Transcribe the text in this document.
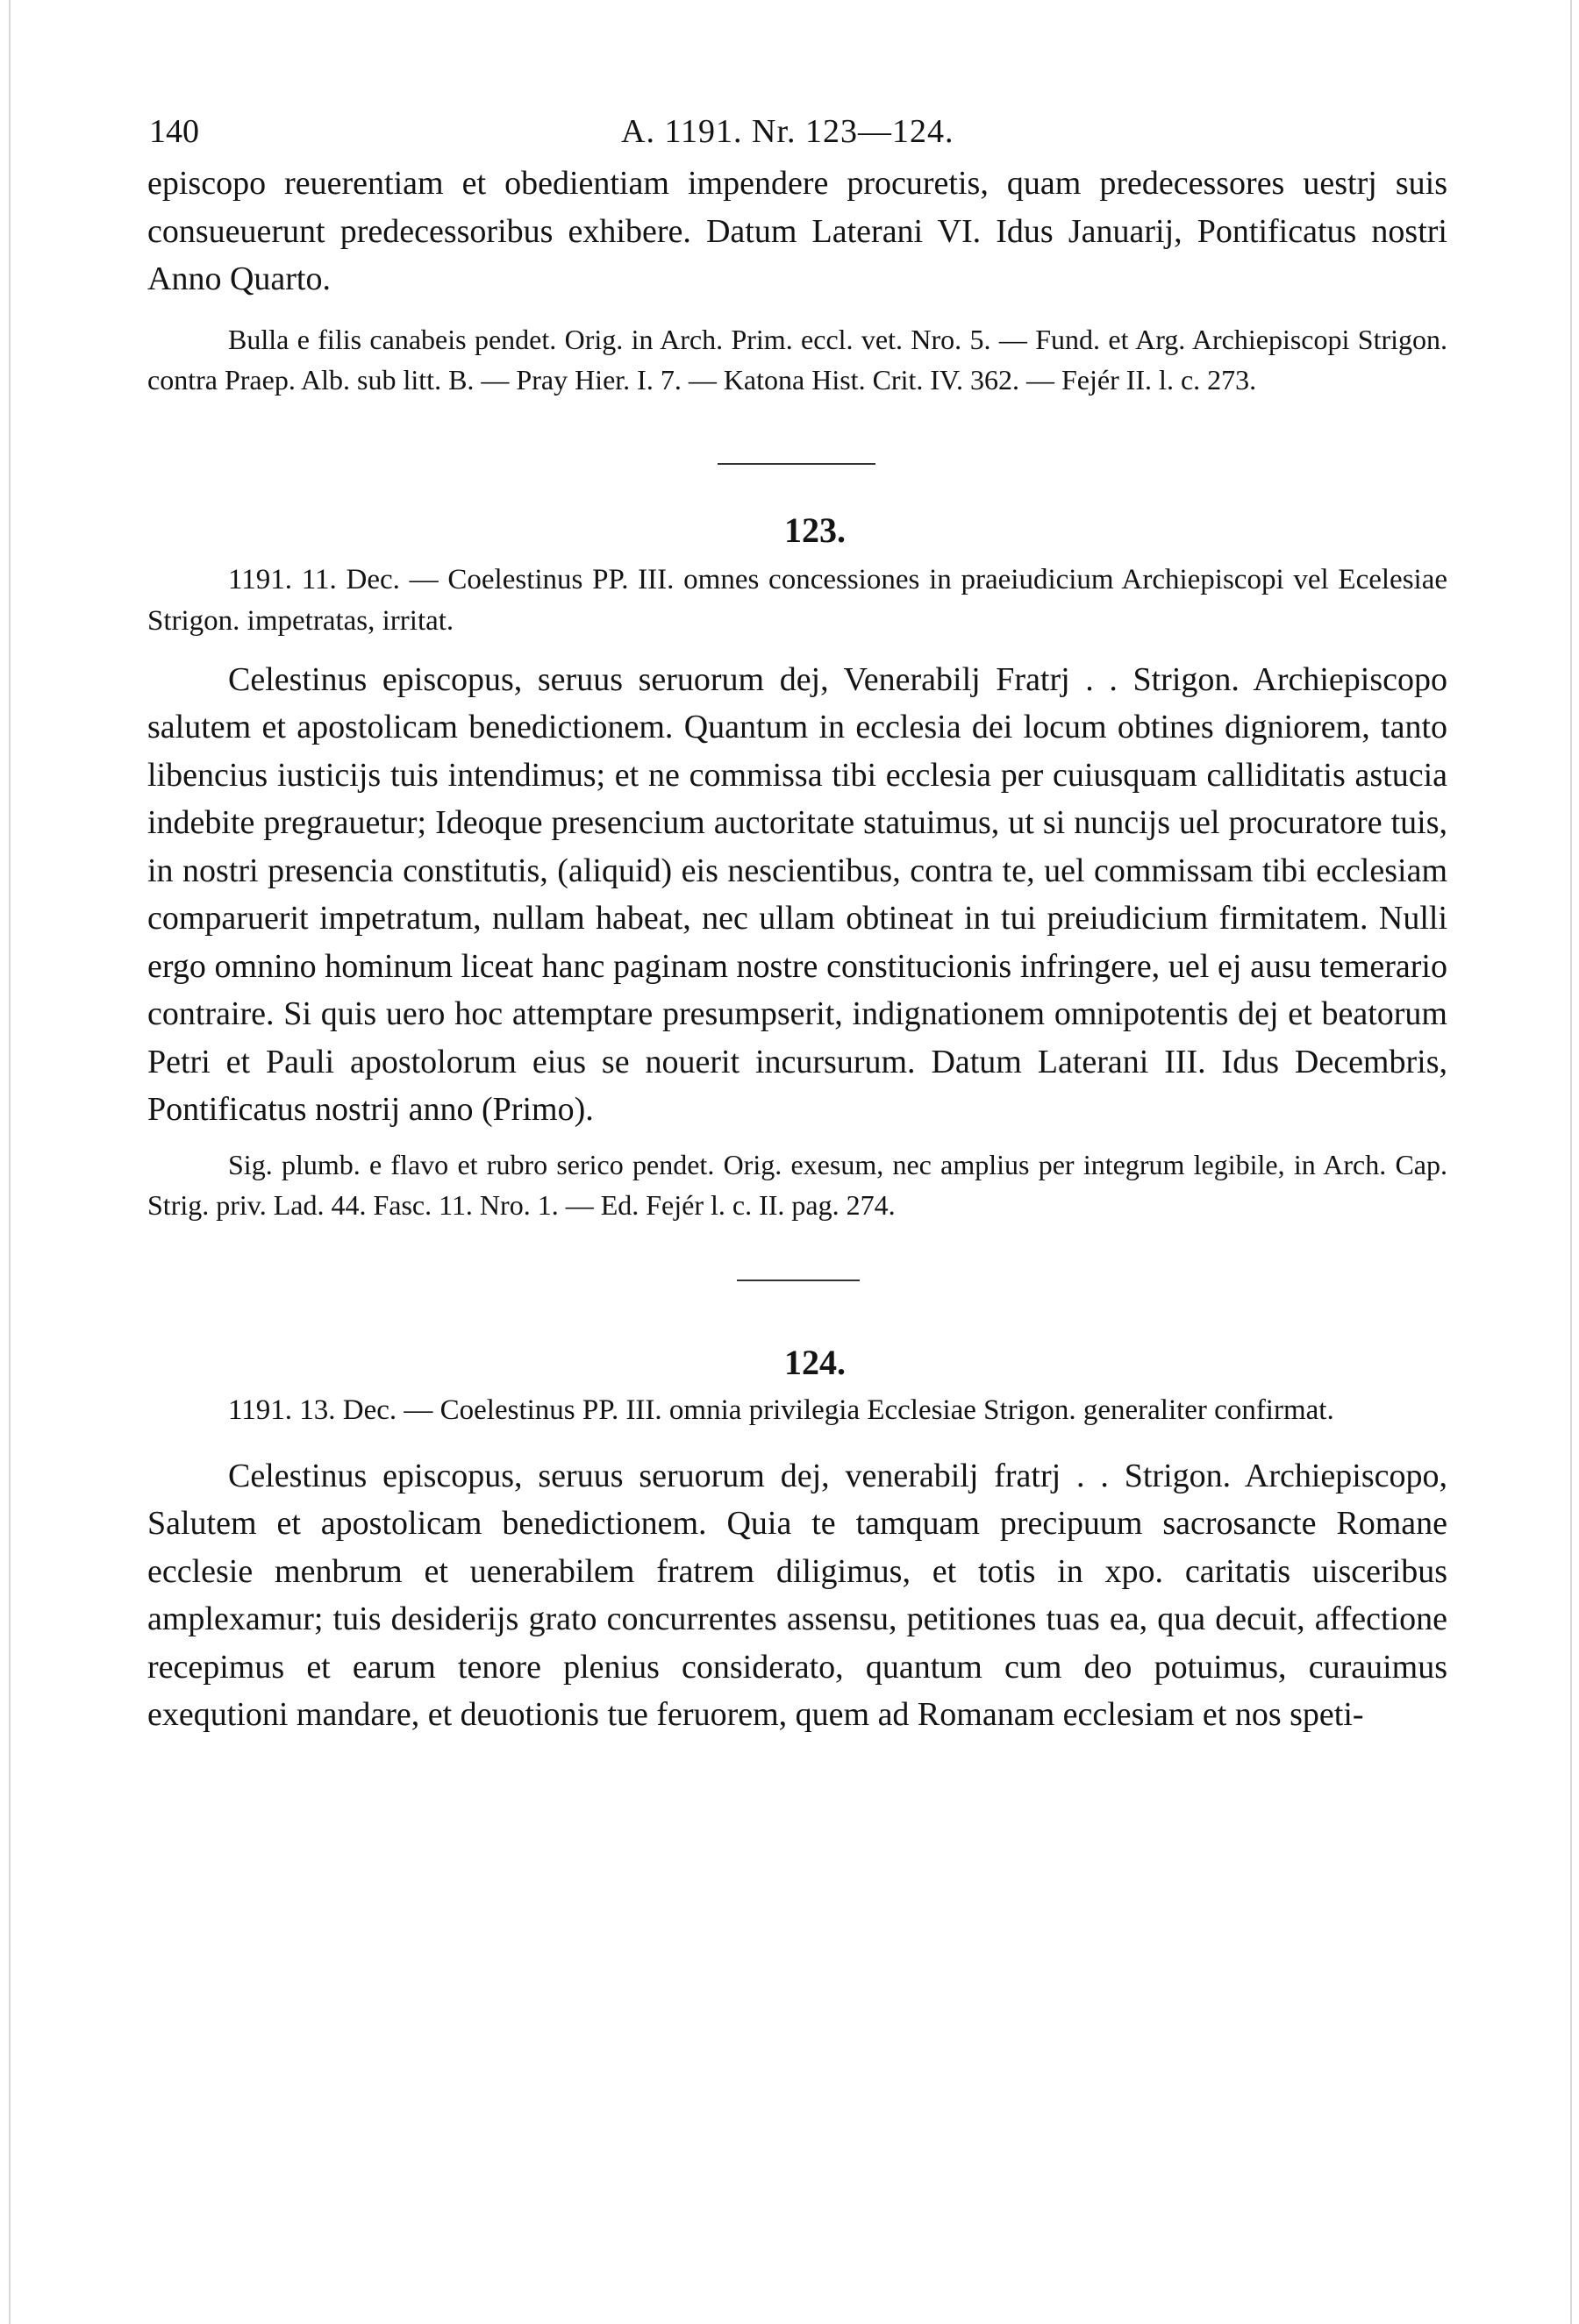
140	A. 1191. Nr. 123—124.

episcopo reuerentiam et obedientiam impendere procuretis, quam predecessores uestrj suis consueuerunt predecessoribus exhibere. Datum Laterani VI. Idus Januarij, Pontificatus nostri Anno Quarto.

Bulla e filis canabeis pendet. Orig. in Arch. Prim. eccl. vet. Nro. 5. — Fund. et Arg. Archiepiscopi Strigon. contra Praep. Alb. sub litt. B. — Pray Hier. I. 7. — Katona Hist. Crit. IV. 362. — Fejér II. l. c. 273.

123.

1191. 11. Dec. — Coelestinus PP. III. omnes concessiones in praeiudicium Archiepiscopi vel Ecelesiae Strigon. impetratas, irritat.

Celestinus episcopus, seruus seruorum dej, Venerabilj Fratrj . . Strigon. Archiepiscopo salutem et apostolicam benedictionem. Quantum in ecclesia dei locum obtines digniorem, tanto libencius iusticijs tuis intendimus; et ne commissa tibi ecclesia per cuiusquam calliditatis astucia indebite pregrauetur; Ideoque presencium auctoritate statuimus, ut si nuncijs uel procuratore tuis, in nostri presencia constitutis, (aliquid) eis nescientibus, contra te, uel commissam tibi ecclesiam comparuerit impetratum, nullam habeat, nec ullam obtineat in tui preiudicium firmitatem. Nulli ergo omnino hominum liceat hanc paginam nostre constitucionis infringere, uel ej ausu temerario contraire. Si quis uero hoc attemptare presumpserit, indignationem omnipotentis dej et beatorum Petri et Pauli apostolorum eius se nouerit incursurum. Datum Laterani III. Idus Decembris, Pontificatus nostrij anno (Primo).

Sig. plumb. e flavo et rubro serico pendet. Orig. exesum, nec amplius per integrum legibile, in Arch. Cap. Strig. priv. Lad. 44. Fasc. 11. Nro. 1. — Ed. Fejér l. c. II. pag. 274.

124.

1191. 13. Dec. — Coelestinus PP. III. omnia privilegia Ecclesiae Strigon. generaliter confirmat.

Celestinus episcopus, seruus seruorum dej, venerabilj fratrj . . Strigon. Archiepiscopo, Salutem et apostolicam benedictionem. Quia te tamquam precipuum sacrosancte Romane ecclesie menbrum et uenerabilem fratrem diligimus, et totis in xpo. caritatis uisceribus amplexamur; tuis desiderijs grato concurrentes assensu, petitiones tuas ea, qua decuit, affectione recepimus et earum tenore plenius considerato, quantum cum deo potuimus, curauimus exequtioni mandare, et deuotionis tue feruorem, quem ad Romanam ecclesiam et nos speti-
